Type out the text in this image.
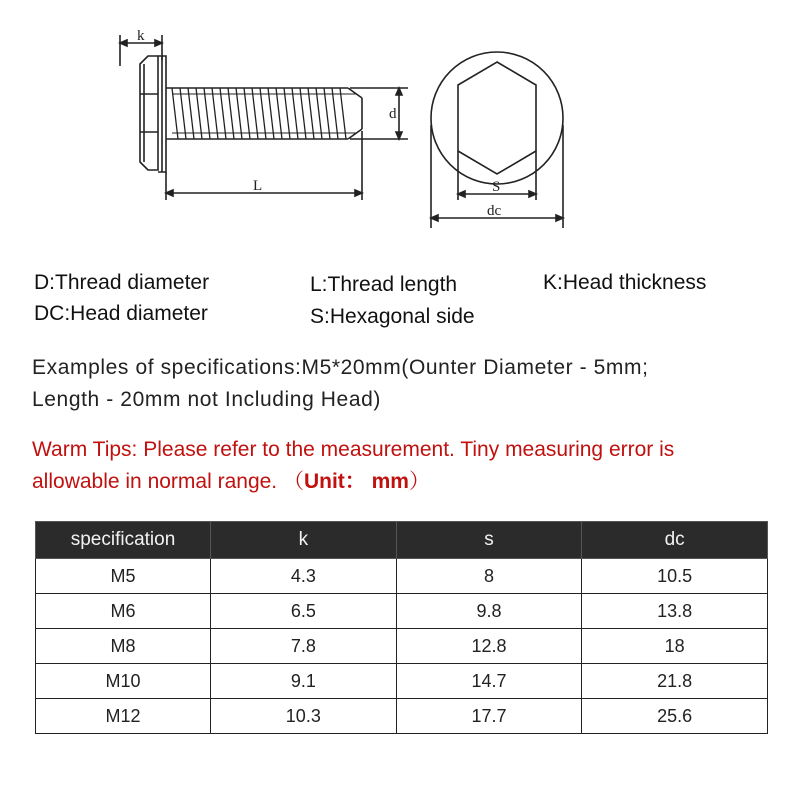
k
d
L	S
dc
D:Thread diameter	L:Thread length	K:Head thickness
DC:Head diameter	S:Hexagonal side
Examples of specifications:M5*20mm(Ounter Diameter - 5mm;
Length - 20mm not Including Head)
Warm Tips: Please refer to the measurement. Tiny measuring error is
allowable in normal range. （Unit： mm）
specification	k	s	dc
M5	4.3	8	10.5
M6	6.5	9.8	13.8
M8	7.8	12.8	18
M10	9.1	14.7	21.8
M12	10.3	17.7	25.6
